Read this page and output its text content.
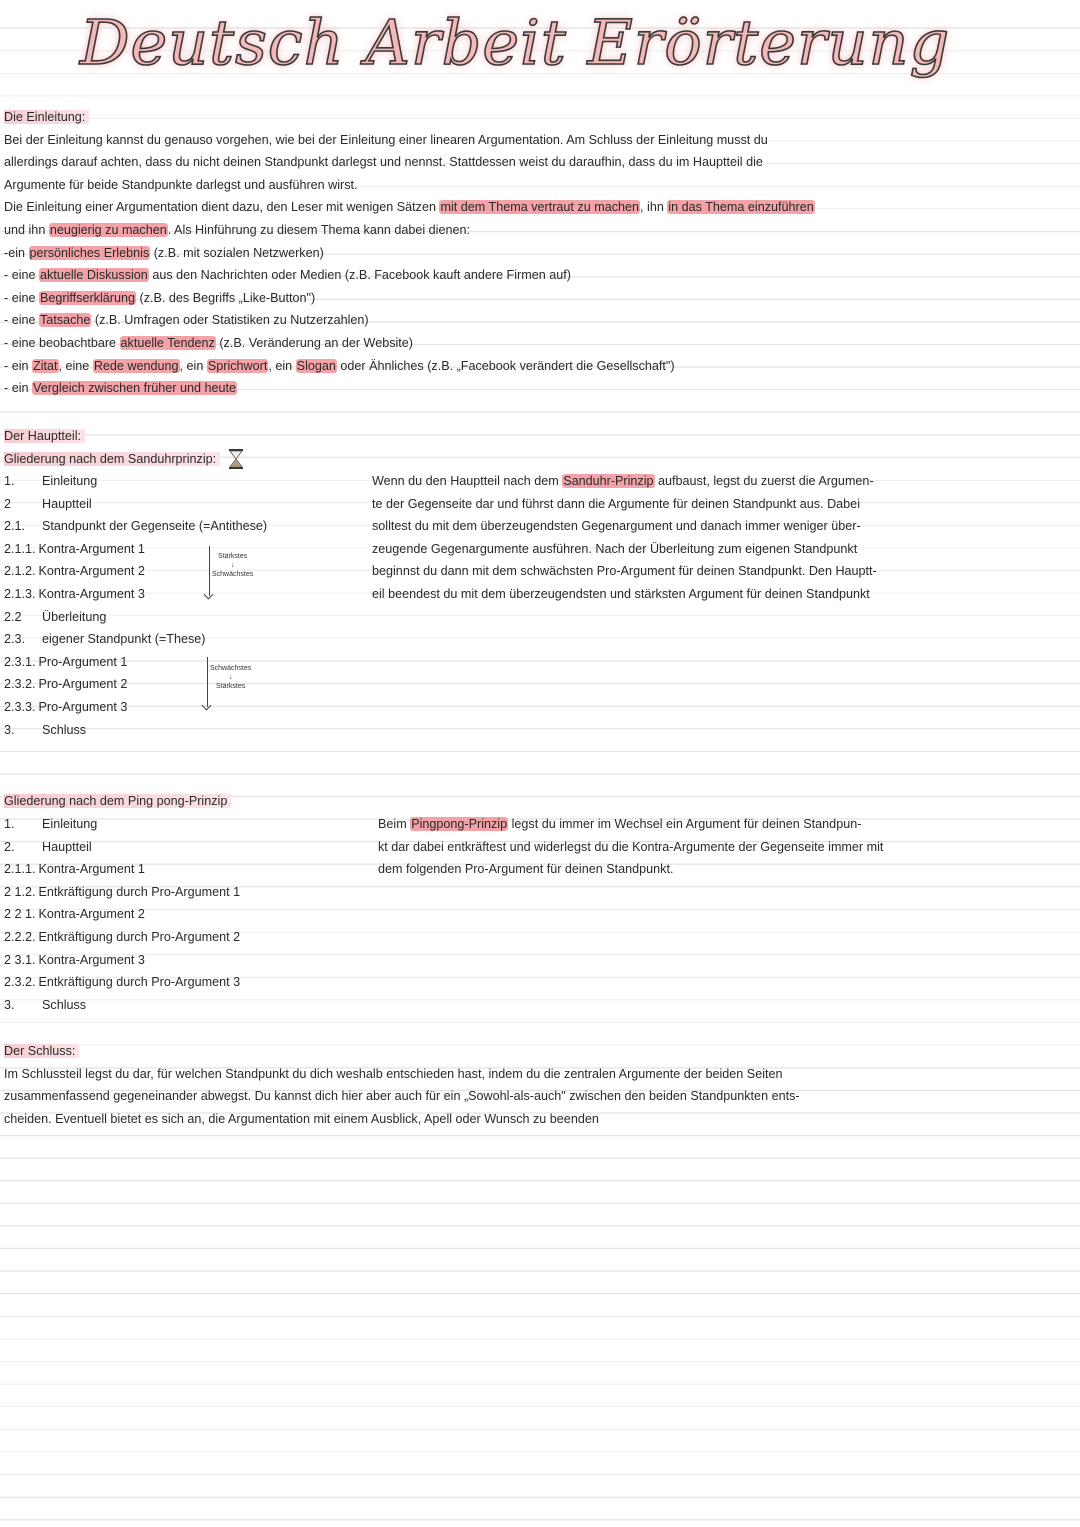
Deutsch Arbeit Erörterung
Die Einleitung:
Bei der Einleitung kannst du genauso vorgehen, wie bei der Einleitung einer linearen Argumentation. Am Schluss der Einleitung musst du
allerdings darauf achten, dass du nicht deinen Standpunkt darlegst und nennst. Stattdessen weist du daraufhin, dass du im Hauptteil die
Argumente für beide Standpunkte darlegst und ausführen wirst.
Die Einleitung einer Argumentation dient dazu, den Leser mit wenigen Sätzen mit dem Thema vertraut zu machen, ihn in das Thema einzuführen
und ihn neugierig zu machen. Als Hinführung zu diesem Thema kann dabei dienen:
-ein persönliches Erlebnis (z.B. mit sozialen Netzwerken)
- eine aktuelle Diskussion aus den Nachrichten oder Medien (z.B. Facebook kauft andere Firmen auf)
- eine Begriffserklärung (z.B. des Begriffs „Like-Button")
- eine Tatsache (z.B. Umfragen oder Statistiken zu Nutzerzahlen)
- eine beobachtbare aktuelle Tendenz (z.B. Veränderung an der Website)
- ein Zitat, eine Rede wendung, ein Sprichwort, ein Slogan oder Ähnliches (z.B. „Facebook verändert die Gesellschaft")
- ein Vergleich zwischen früher und heute
Der Hauptteil:
Gliederung nach dem Sanduhrprinzip:
1. Einleitung
2 Hauptteil
2.1. Standpunkt der Gegenseite (=Antithese)
2.1.1. Kontra-Argument 1
2.1.2. Kontra-Argument 2
2.1.3. Kontra-Argument 3
2.2 Überleitung
2.3. eigener Standpunkt (=These)
2.3.1. Pro-Argument 1
2.3.2. Pro-Argument 2
2.3.3. Pro-Argument 3
3. Schluss
Stärkstes
↓
Schwächstes
Schwächstes
↓
Stärkstes
Wenn du den Hauptteil nach dem Sanduhr-Prinzip aufbaust, legst du zuerst die Argumen-
te der Gegenseite dar und führst dann die Argumente für deinen Standpunkt aus. Dabei
solltest du mit dem überzeugendsten Gegenargument und danach immer weniger über-
zeugende Gegenargumente ausführen. Nach der Überleitung zum eigenen Standpunkt
beginnst du dann mit dem schwächsten Pro-Argument für deinen Standpunkt. Den Hauptt-
eil beendest du mit dem überzeugendsten und stärksten Argument für deinen Standpunkt
Gliederung nach dem Ping pong-Prinzip
1. Einleitung
2. Hauptteil
2.1.1. Kontra-Argument 1
2 1.2. Entkräftigung durch Pro-Argument 1
2 2 1. Kontra-Argument 2
2.2.2. Entkräftigung durch Pro-Argument 2
2 3.1. Kontra-Argument 3
2.3.2. Entkräftigung durch Pro-Argument 3
3. Schluss
Beim Pingpong-Prinzip legst du immer im Wechsel ein Argument für deinen Standpun-
kt dar dabei entkräftest und widerlegst du die Kontra-Argumente der Gegenseite immer mit
dem folgenden Pro-Argument für deinen Standpunkt.
Der Schluss:
Im Schlussteil legst du dar, für welchen Standpunkt du dich weshalb entschieden hast, indem du die zentralen Argumente der beiden Seiten
zusammenfassend gegeneinander abwegst. Du kannst dich hier aber auch für ein „Sowohl-als-auch" zwischen den beiden Standpunkten ents-
cheiden. Eventuell bietet es sich an, die Argumentation mit einem Ausblick, Apell oder Wunsch zu beenden
